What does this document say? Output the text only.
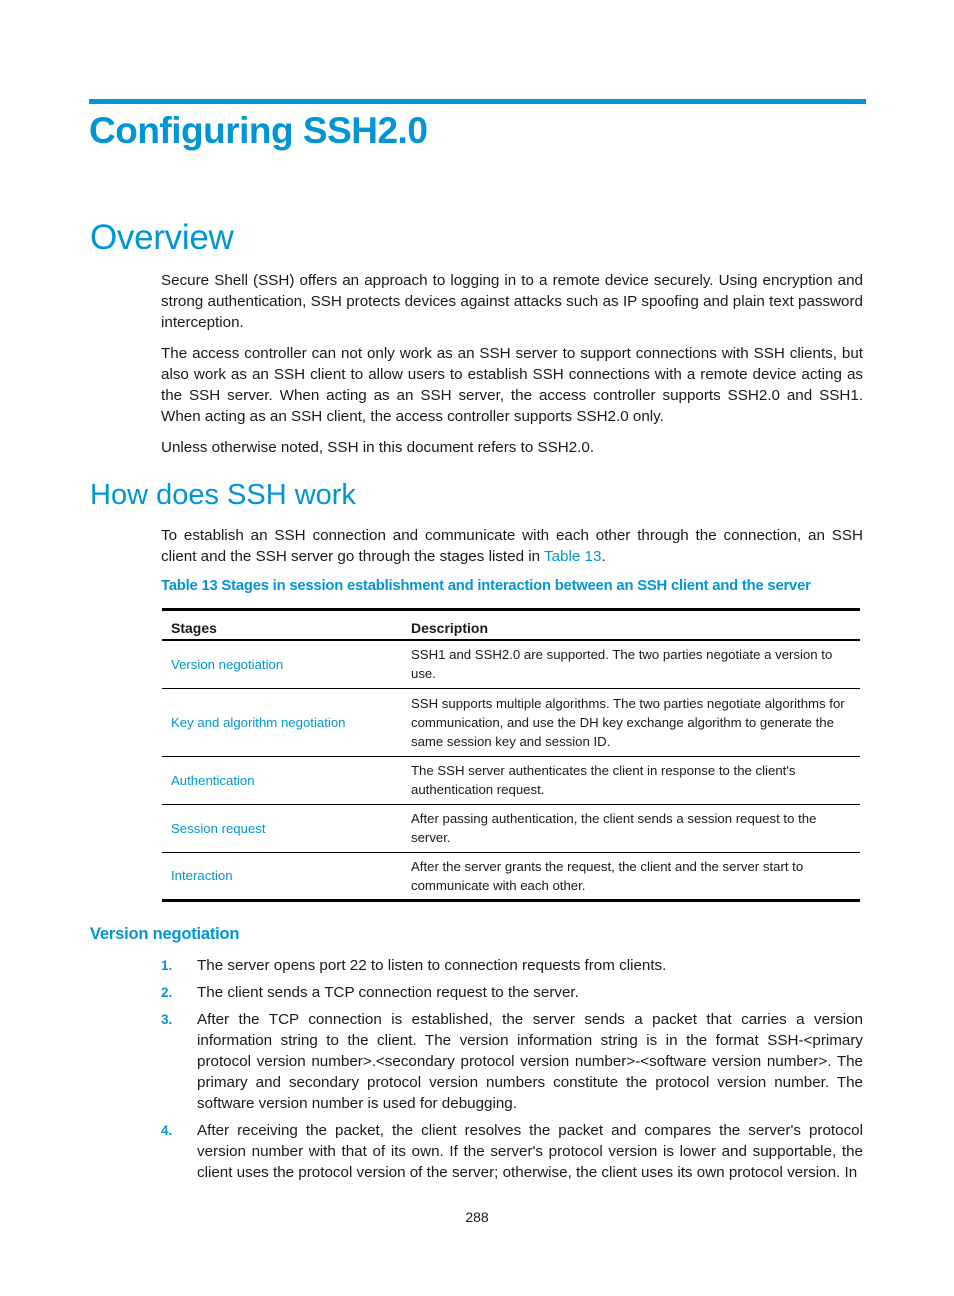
Configuring SSH2.0
Overview

Secure Shell (SSH) offers an approach to logging in to a remote device securely. Using encryption and strong authentication, SSH protects devices against attacks such as IP spoofing and plain text password interception.

The access controller can not only work as an SSH server to support connections with SSH clients, but also work as an SSH client to allow users to establish SSH connections with a remote device acting as the SSH server. When acting as an SSH server, the access controller supports SSH2.0 and SSH1. When acting as an SSH client, the access controller supports SSH2.0 only.

Unless otherwise noted, SSH in this document refers to SSH2.0.

How does SSH work

To establish an SSH connection and communicate with each other through the connection, an SSH client and the SSH server go through the stages listed in Table 13.

Table 13 Stages in session establishment and interaction between an SSH client and the server

Stages	Description
Version negotiation	SSH1 and SSH2.0 are supported. The two parties negotiate a version to use.
Key and algorithm negotiation	SSH supports multiple algorithms. The two parties negotiate algorithms for communication, and use the DH key exchange algorithm to generate the same session key and session ID.
Authentication	The SSH server authenticates the client in response to the client's authentication request.
Session request	After passing authentication, the client sends a session request to the server.
Interaction	After the server grants the request, the client and the server start to communicate with each other.
Version negotiation
1. The server opens port 22 to listen to connection requests from clients.
2. The client sends a TCP connection request to the server.
3. After the TCP connection is established, the server sends a packet that carries a version information string to the client. The version information string is in the format SSH-<primary protocol version number>.<secondary protocol version number>-<software version number>. The primary and secondary protocol version numbers constitute the protocol version number. The software version number is used for debugging.
4. After receiving the packet, the client resolves the packet and compares the server's protocol version number with that of its own. If the server's protocol version is lower and supportable, the client uses the protocol version of the server; otherwise, the client uses its own protocol version. In
288
